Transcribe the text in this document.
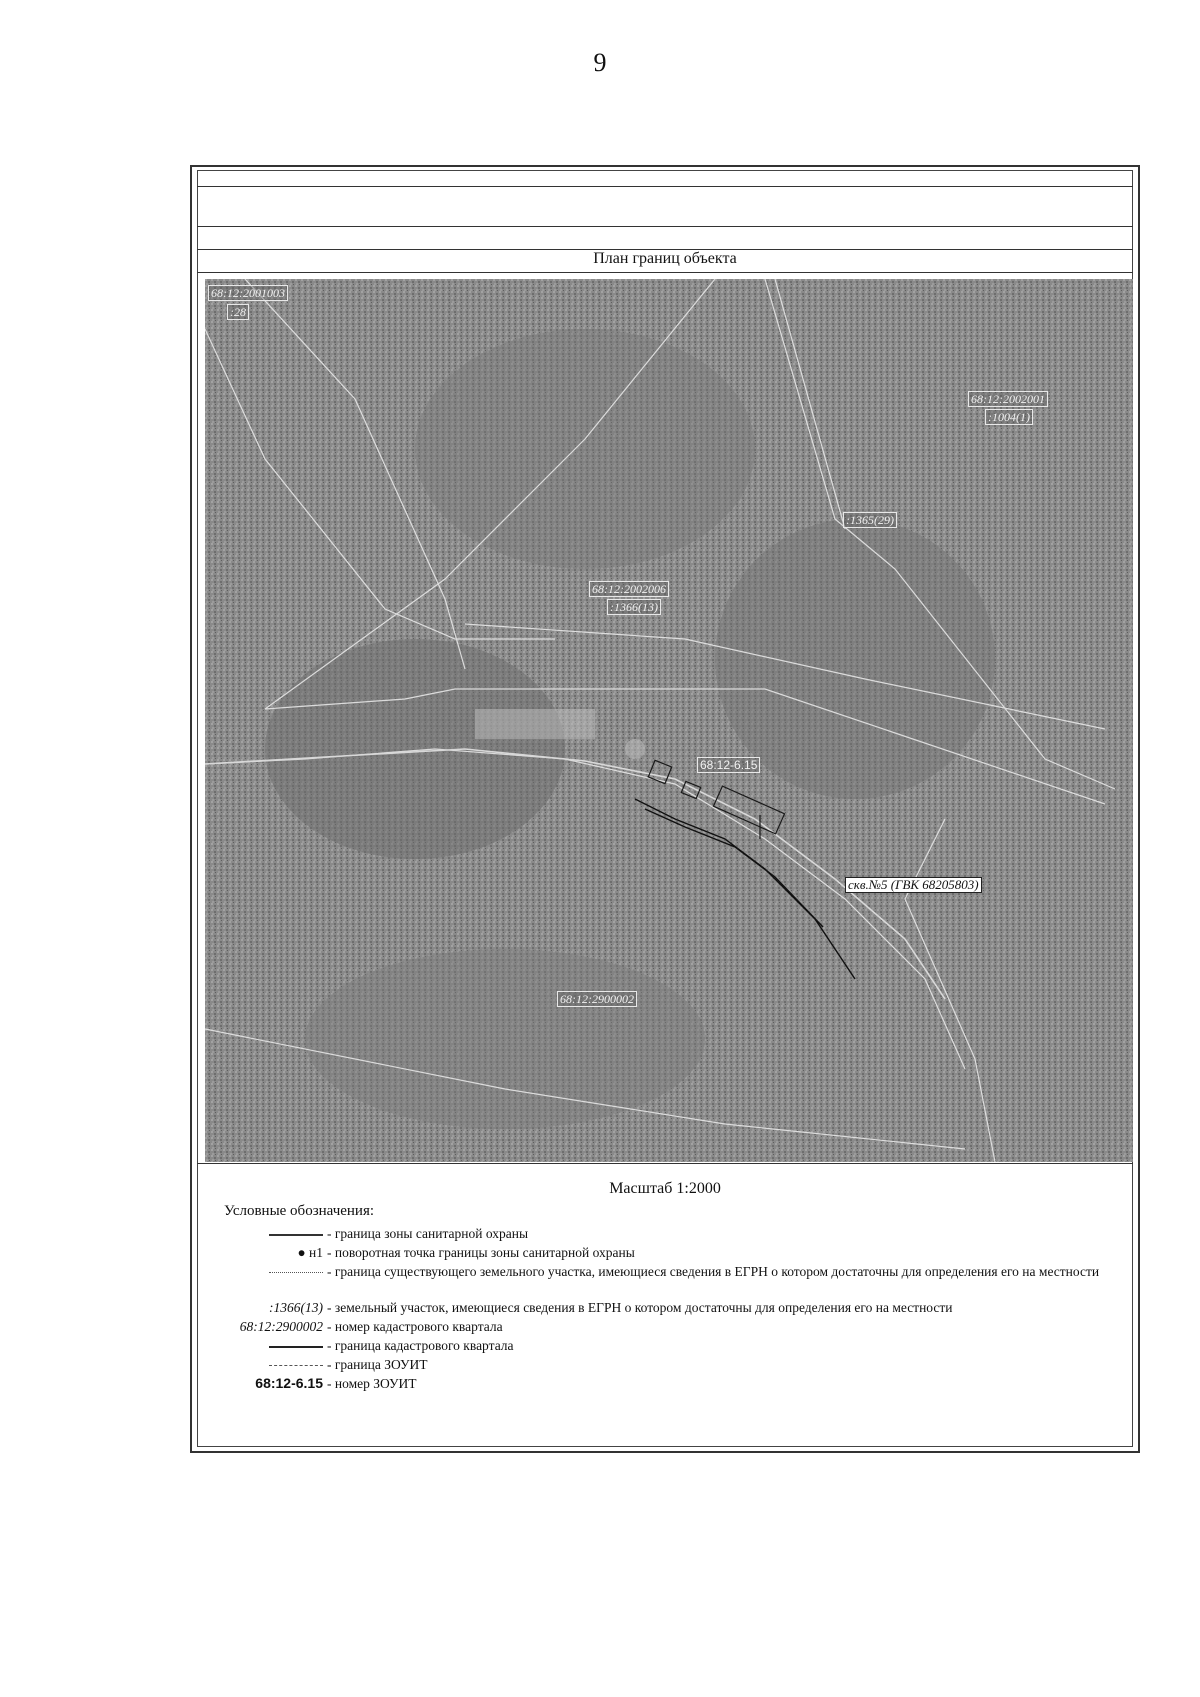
9
План границ объекта
68:12:2001003
:28
68:12:2002001
:1004(1)
:1365(29)
68:12:2002006
:1366(13)
68:12-6.15
скв.№5 (ГВК 68205803)
68:12:2900002
Масштаб 1:2000
Условные обозначения:
- граница зоны санитарной охраны
● н1 - поворотная точка границы зоны санитарной охраны
- граница существующего земельного участка, имеющиеся сведения в ЕГРН о котором достаточны для определения его на местности
:1366(13) - земельный участок, имеющиеся сведения в ЕГРН о котором достаточны для определения его на местности
68:12:2900002 - номер кадастрового квартала
- граница кадастрового квартала
- граница ЗОУИТ
68:12-6.15 - номер ЗОУИТ
